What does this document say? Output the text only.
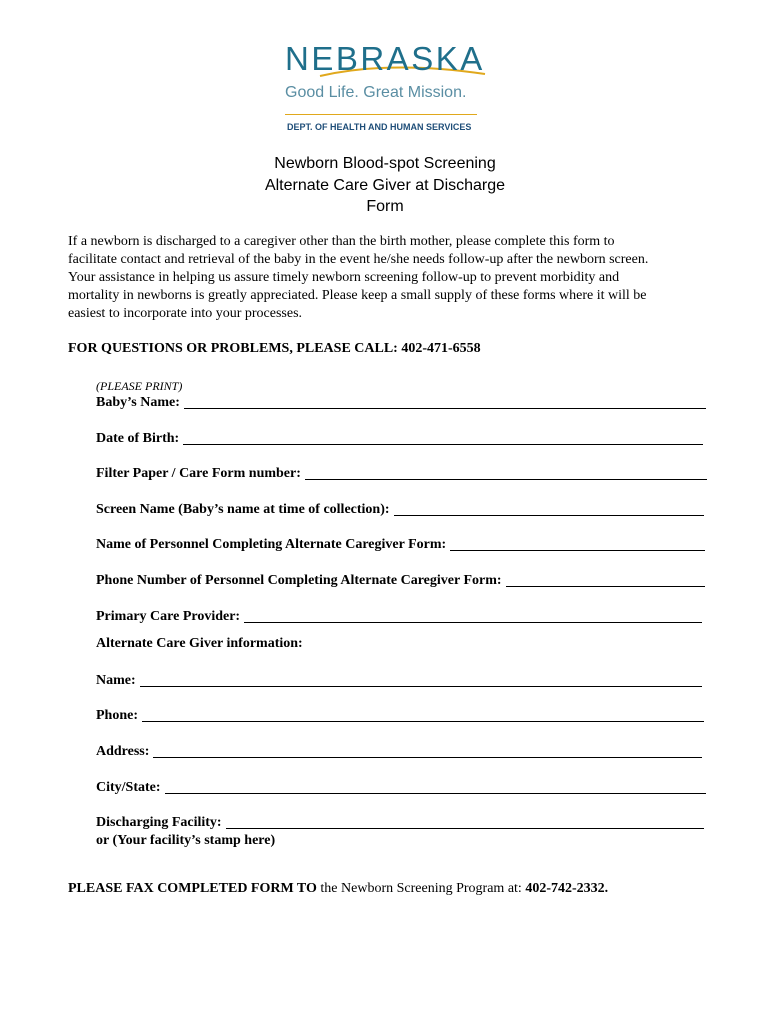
NEBRASKA
Good Life. Great Mission.
DEPT. OF HEALTH AND HUMAN SERVICES
Newborn Blood-spot Screening
Alternate Care Giver at Discharge
Form
If a newborn is discharged to a caregiver other than the birth mother, please complete this form to
facilitate contact and retrieval of the baby in the event he/she needs follow-up after the newborn screen.
Your assistance in helping us assure timely newborn screening follow-up to prevent morbidity and
mortality in newborns is greatly appreciated. Please keep a small supply of these forms where it will be
easiest to incorporate into your processes.
FOR QUESTIONS OR PROBLEMS, PLEASE CALL: 402-471-6558
(PLEASE PRINT)
Baby’s Name:
Date of Birth:
Filter Paper / Care Form number:
Screen Name (Baby’s name at time of collection):
Name of Personnel Completing Alternate Caregiver Form:
Phone Number of Personnel Completing Alternate Caregiver Form:
Primary Care Provider:
Alternate Care Giver information:
Name:
Phone:
Address:
City/State:
Discharging Facility:
or (Your facility’s stamp here)
PLEASE FAX COMPLETED FORM TO the Newborn Screening Program at: 402-742-2332.
